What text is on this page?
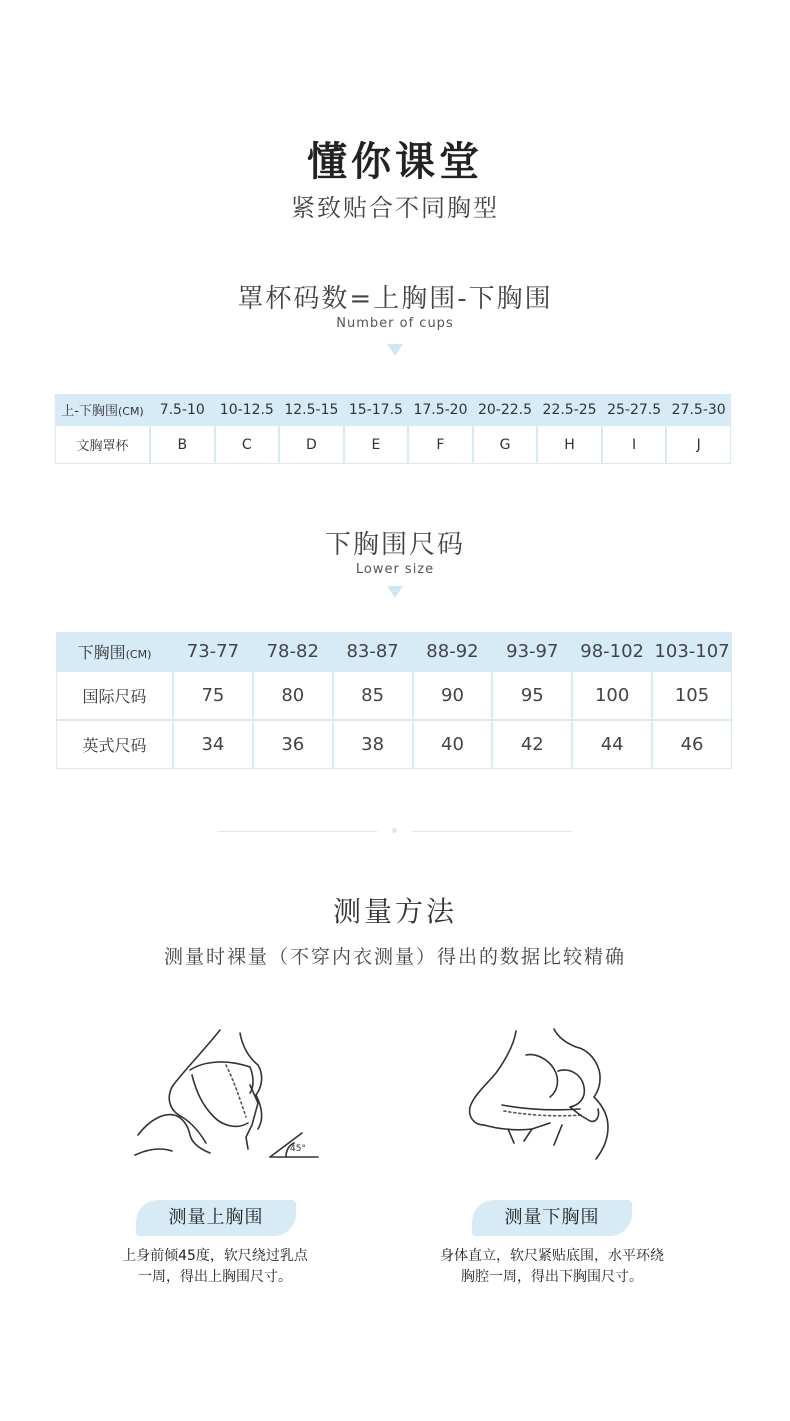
懂你课堂
紧致贴合不同胸型
罩杯码数=上胸围-下胸围
Number of cups
上-下胸围(CM)	7.5-10	10-12.5	12.5-15	15-17.5	17.5-20	20-22.5	22.5-25	25-27.5	27.5-30
文胸罩杯	B	C	D	E	F	G	H	I	J
下胸围尺码
Lower size
下胸围(CM)	73-77	78-82	83-87	88-92	93-97	98-102	103-107
国际尺码	75	80	85	90	95	100	105
英式尺码	34	36	38	40	42	44	46
测量方法
测量时裸量（不穿内衣测量）得出的数据比较精确
45°
测量上胸围
上身前倾45度，软尺绕过乳点
一周，得出上胸围尺寸。
测量下胸围
身体直立，软尺紧贴底围，水平环绕
胸腔一周，得出下胸围尺寸。
